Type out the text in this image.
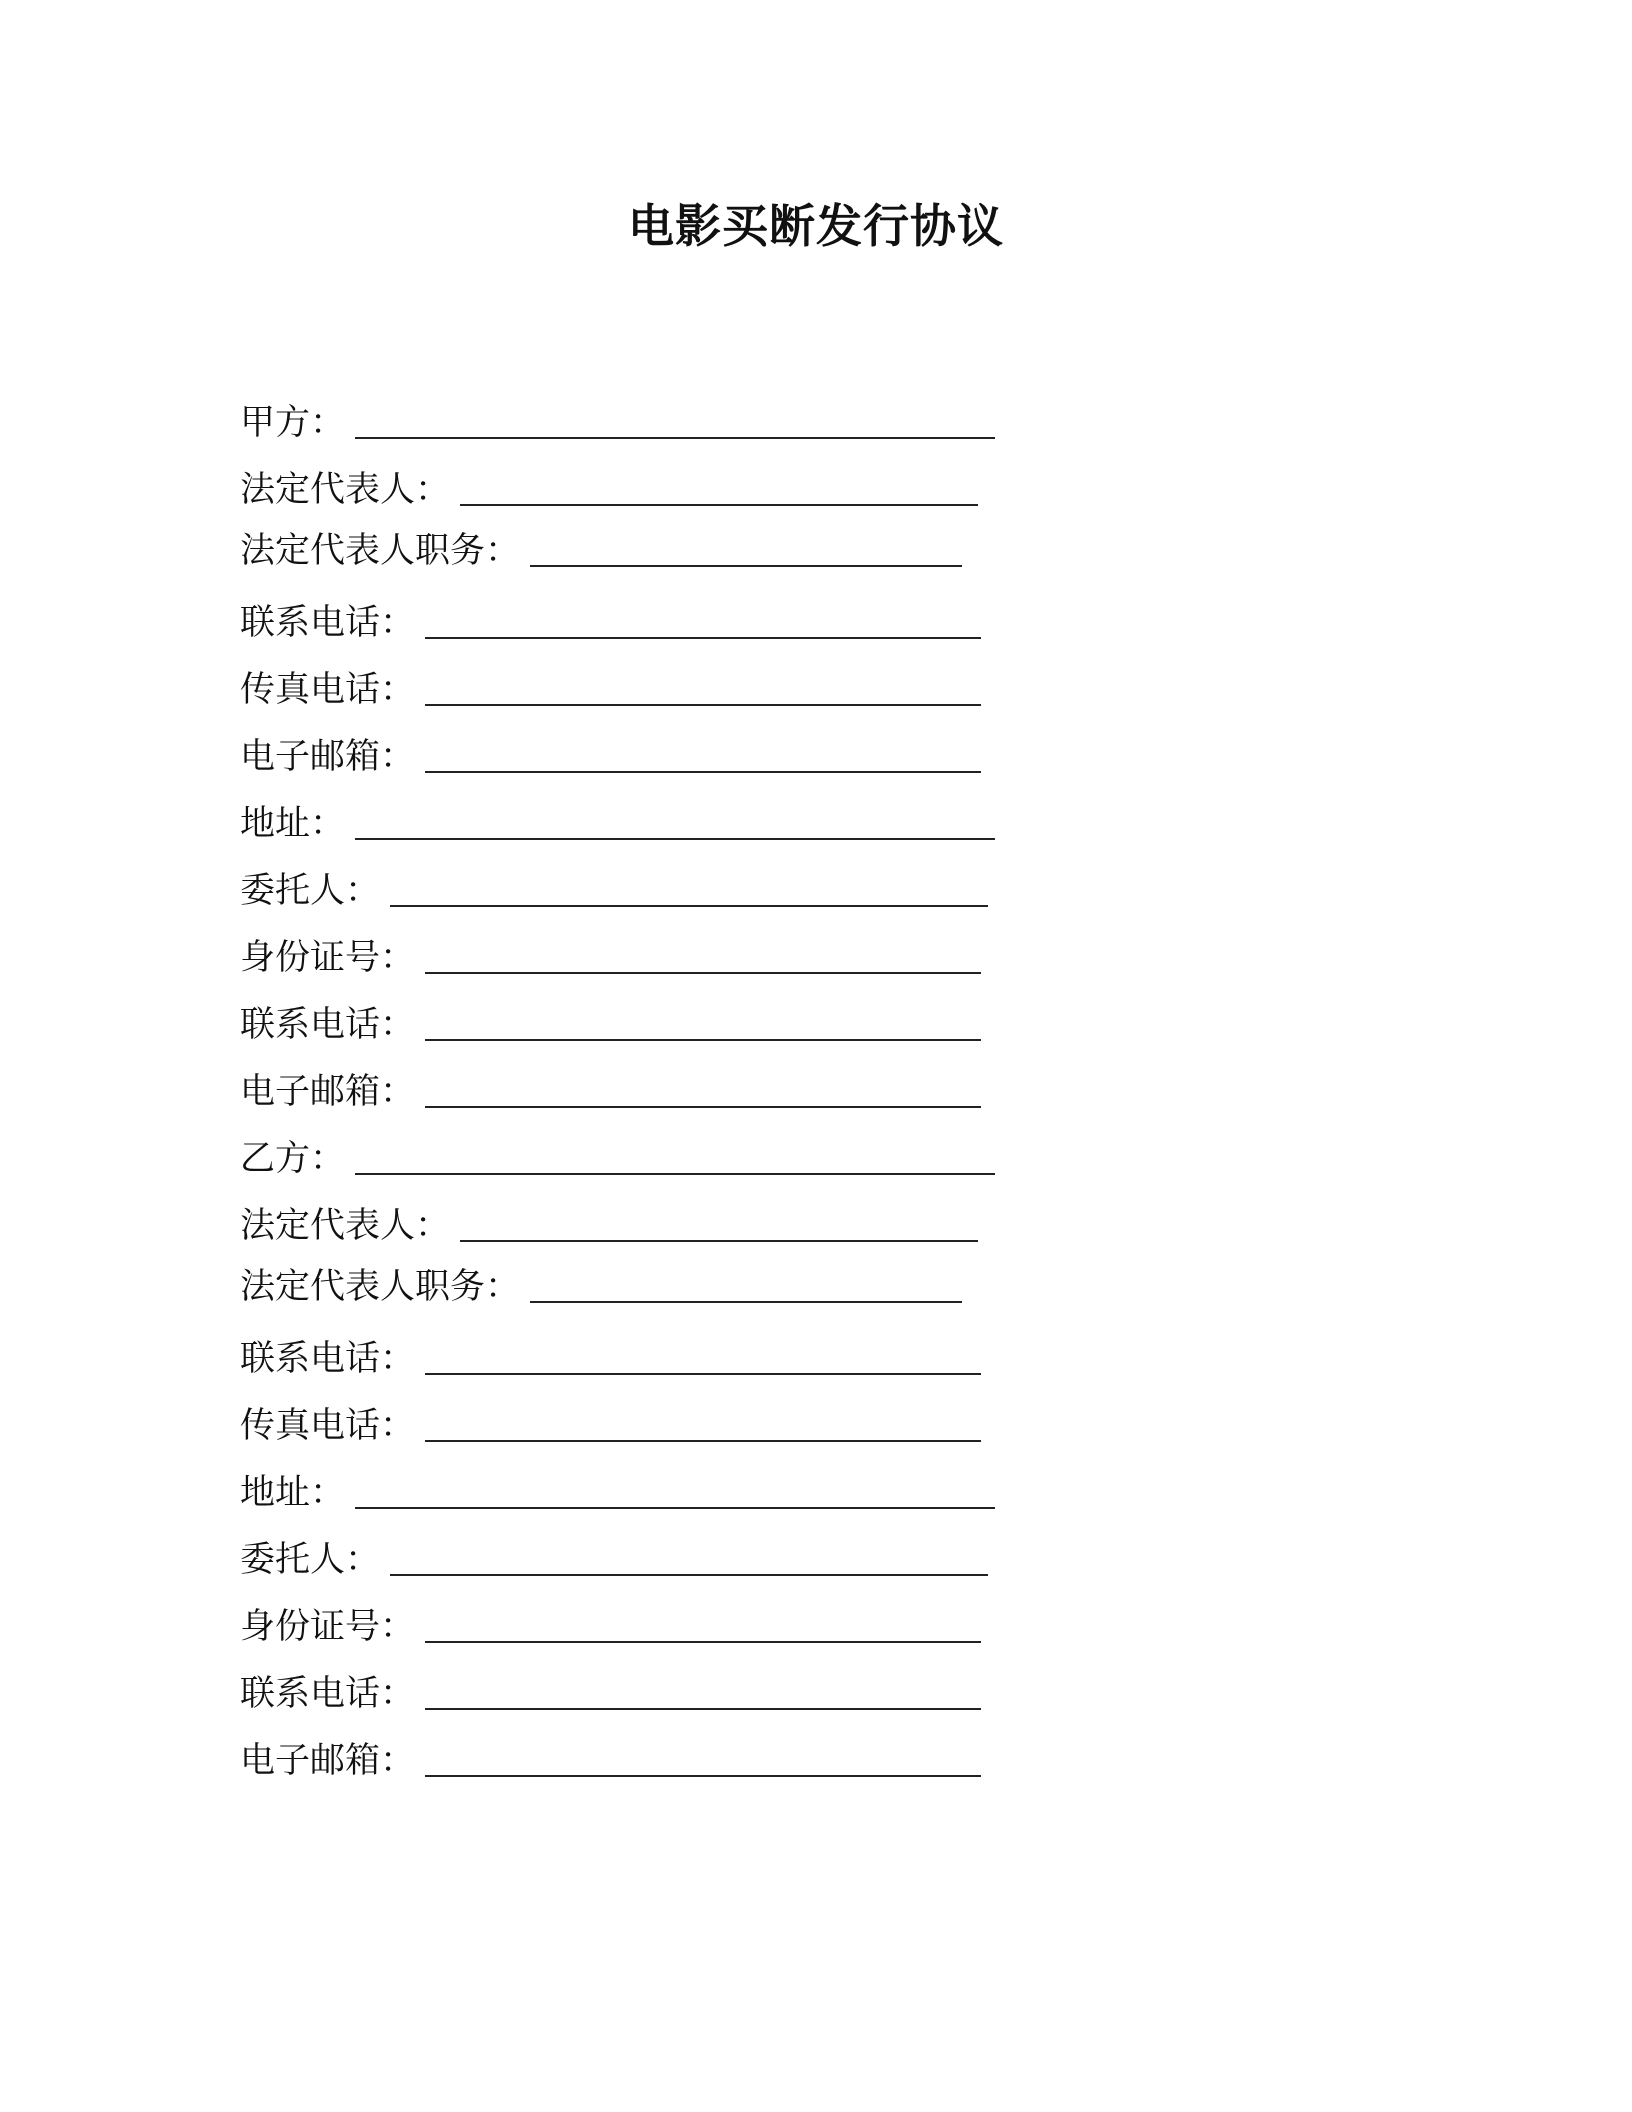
电影买断发行协议
甲方：
法定代表人：
法定代表人职务：
联系电话：
传真电话：
电子邮箱：
地址：
委托人：
身份证号：
联系电话：
电子邮箱：
乙方：
法定代表人：
法定代表人职务：
联系电话：
传真电话：
地址：
委托人：
身份证号：
联系电话：
电子邮箱：
